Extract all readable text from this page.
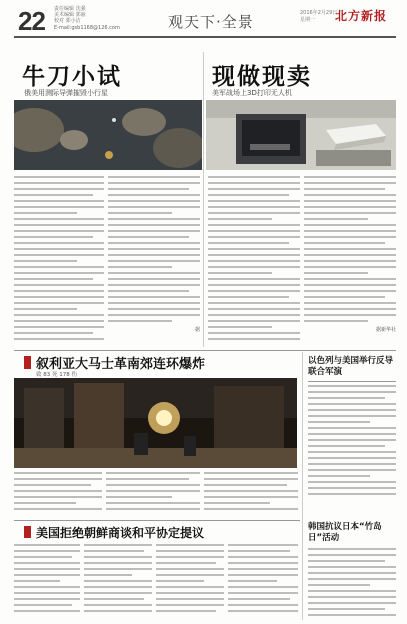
22 责任编辑 沈强
美术编辑 郭丽
校对 郭小洁
E-mail:gsb1168@126.com	观天下·全景	2016年2月29日
星期一	北方新报
牛刀小试
俄美用测际导弹摧毁小行星
据
现做现卖
美军战场上3D打印无人机
据新华社
叙利亚大马士革南郊连环爆炸
致 83 死 178 伤
以色列与美国举行反导联合军演
韩国抗议日本“竹岛日”活动
美国拒绝朝鲜商谈和平协定提议
